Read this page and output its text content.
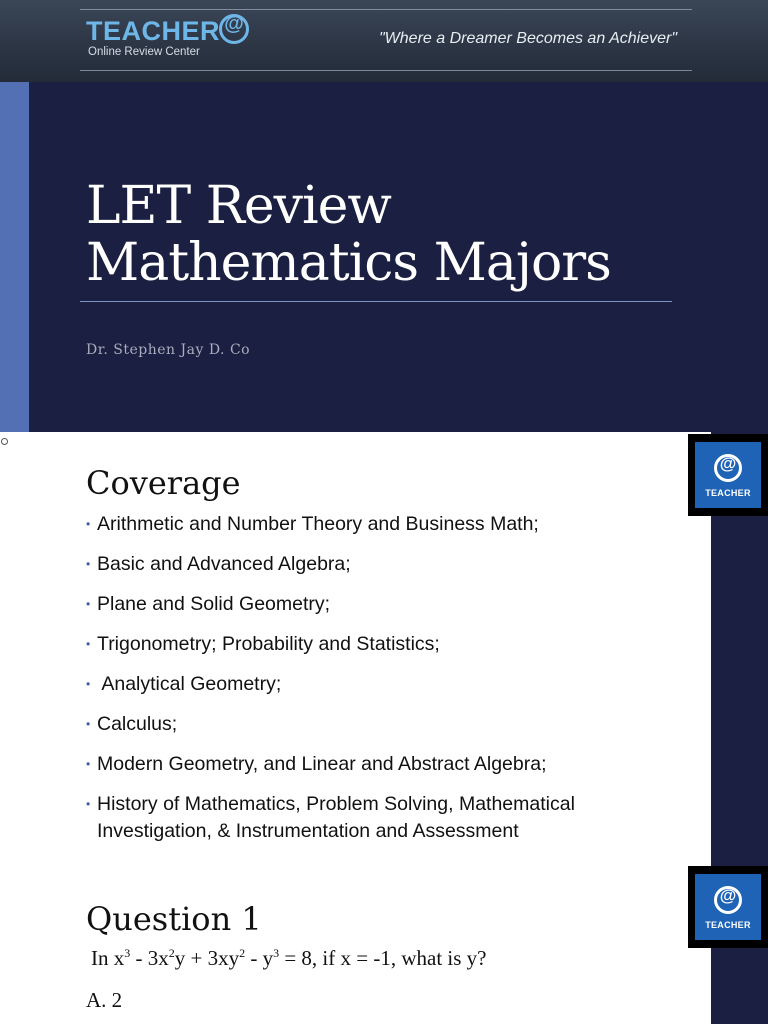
TEACHER @
Online Review Center
"Where a Dreamer Becomes an Achiever"
LET Review
Mathematics Majors
Dr. Stephen Jay D. Co
@
TEACHER
Coverage
• Arithmetic and Number Theory and Business Math;
• Basic and Advanced Algebra;
• Plane and Solid Geometry;
• Trigonometry; Probability and Statistics;
•  Analytical Geometry;
• Calculus;
• Modern Geometry, and Linear and Abstract Algebra;
• History of Mathematics, Problem Solving, Mathematical Investigation, & Instrumentation and Assessment
@
TEACHER
Question 1
In $x^3 - 3x^2y + 3xy^2 - y^3 = 8$, if x = -1, what is y?
A. 2
